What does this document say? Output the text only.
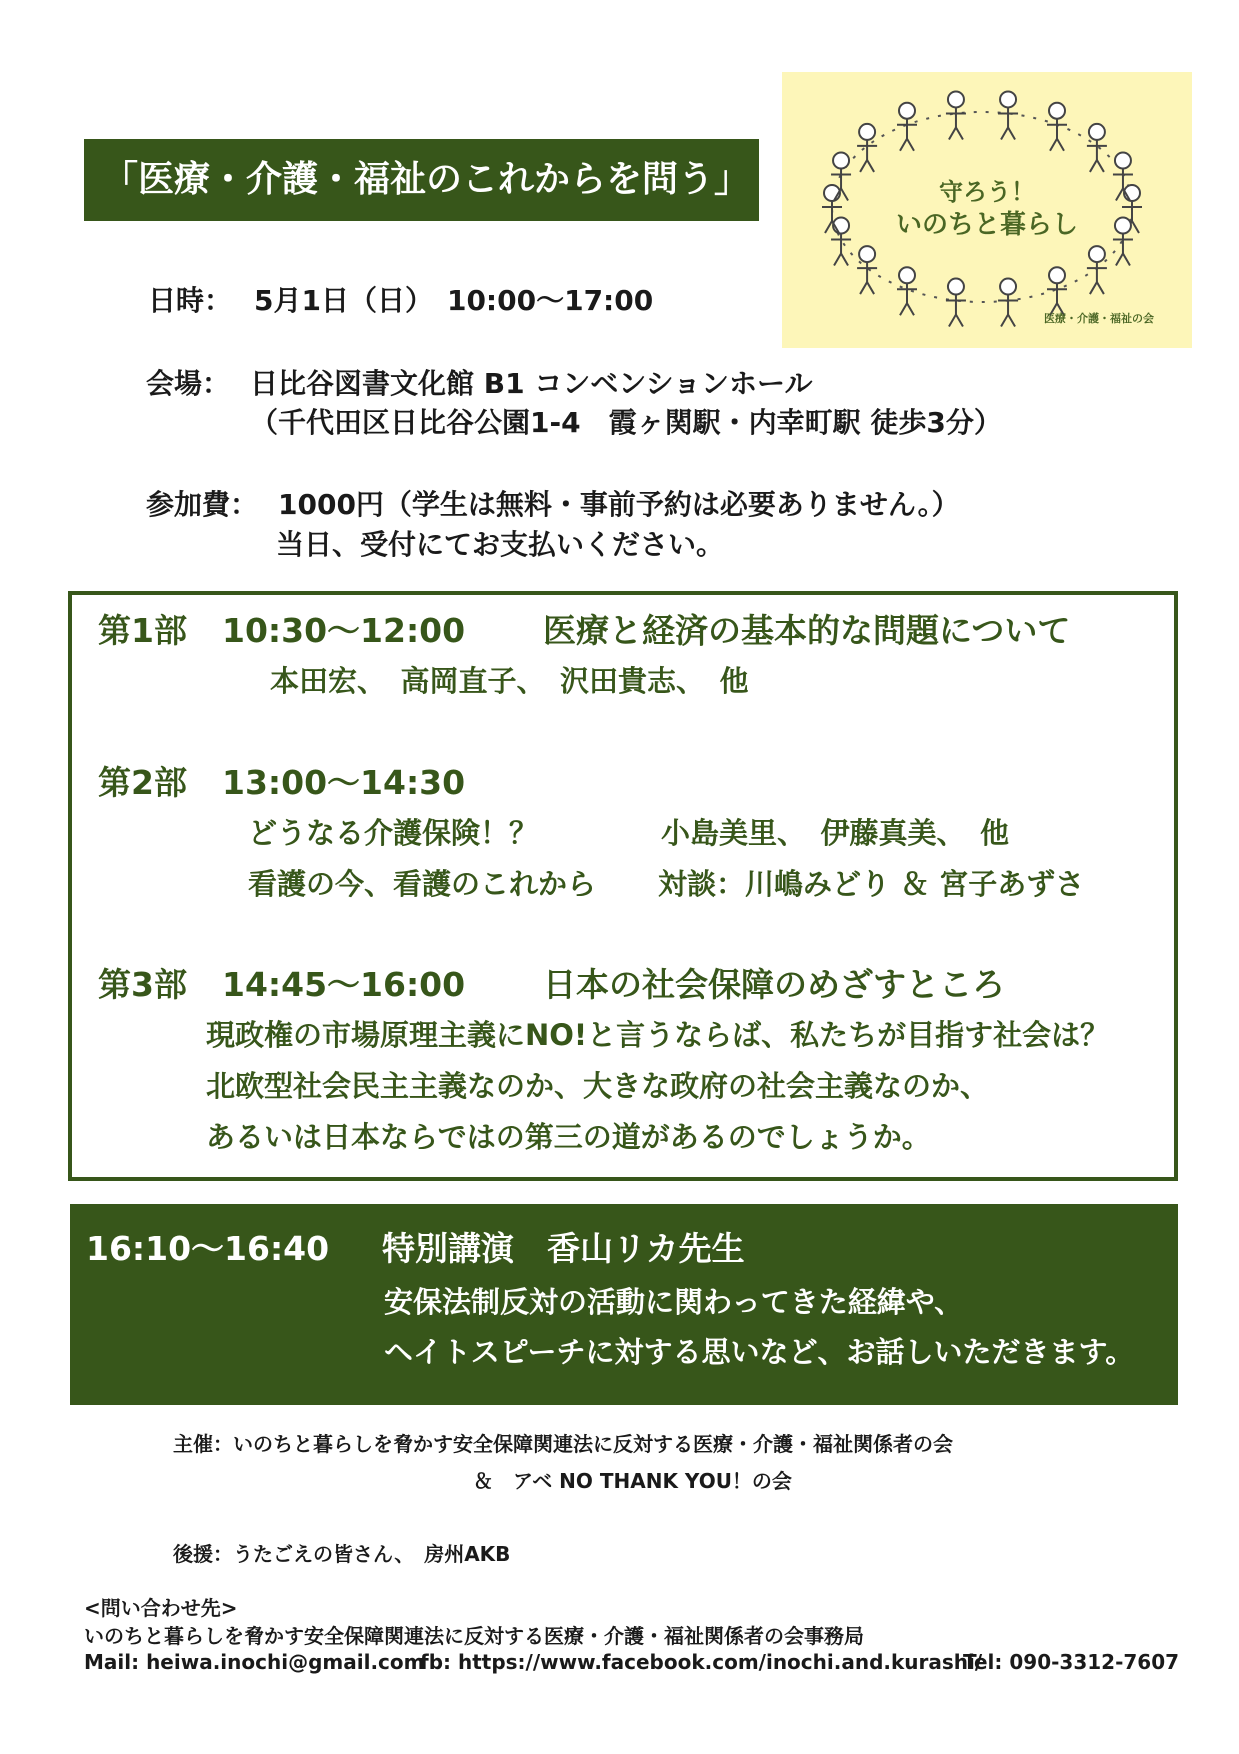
「医療・介護・福祉のこれからを問う」	守ろう！
いのちと暮らし
医療・介護・福祉の会
日時： 5月1日（日）　10:00〜17:00
会場： 日比谷図書文化館 B1 コンベンションホール
（千代田区日比谷公園1-4　霞ヶ関駅・内幸町駅 徒歩3分）
参加費： 1000円（学生は無料・事前予約は必要ありません。）
当日、受付にてお支払いください。
第1部 10:30〜12:00 医療と経済の基本的な問題について
本田宏、　高岡直子、　沢田貴志、　他
第2部 13:00〜14:30
どうなる介護保険！？	小島美里、　伊藤真美、　他
看護の今、看護のこれから 対談：川嶋みどり ＆ 宮子あずさ
第3部 14:45〜16:00 日本の社会保障のめざすところ
現政権の市場原理主義にNO!と言うならば、私たちが目指す社会は？
北欧型社会民主主義なのか、大きな政府の社会主義なのか、
あるいは日本ならではの第三の道があるのでしょうか。
16:10〜16:40 特別講演　香山リカ先生
安保法制反対の活動に関わってきた経緯や、
ヘイトスピーチに対する思いなど、お話しいただきます。
主催：いのちと暮らしを脅かす安全保障関連法に反対する医療・介護・福祉関係者の会
＆　アベ NO THANK YOU！の会
後援：うたごえの皆さん、　房州AKB
<問い合わせ先>
いのちと暮らしを脅かす安全保障関連法に反対する医療・介護・福祉関係者の会事務局
Mail: heiwa.inochi@gmail.com
fb: https://www.facebook.com/inochi.and.kurashi/
Tel: 090-3312-7607
